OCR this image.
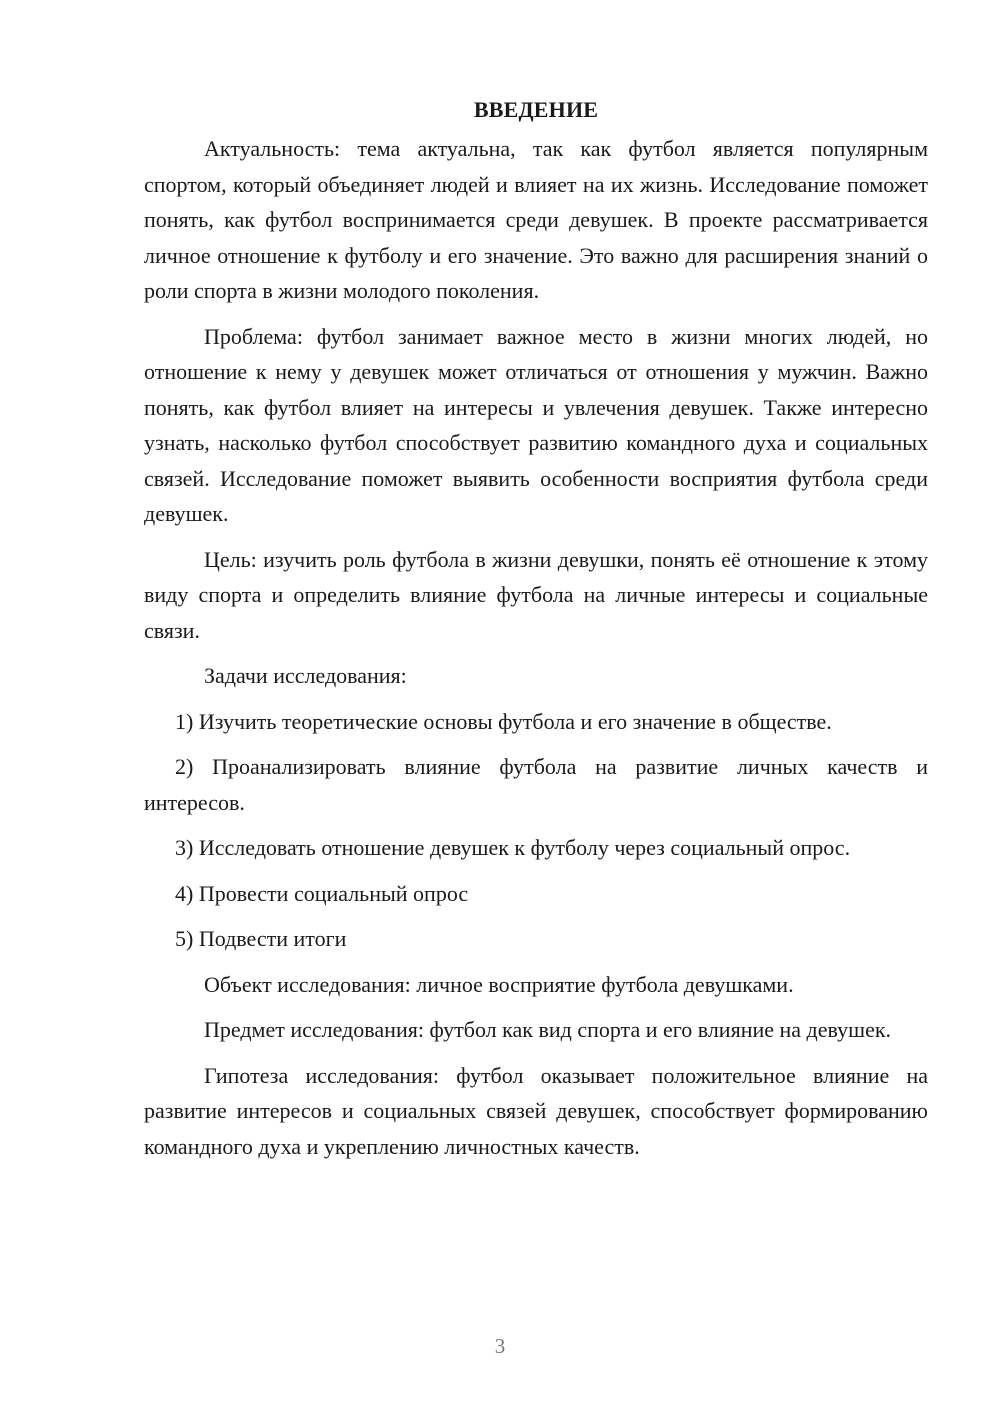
ВВЕДЕНИЕ

Актуальность: тема актуальна, так как футбол является популярным спортом, который объединяет людей и влияет на их жизнь. Исследование поможет понять, как футбол воспринимается среди девушек. В проекте рассматривается личное отношение к футболу и его значение. Это важно для расширения знаний о роли спорта в жизни молодого поколения.

Проблема: футбол занимает важное место в жизни многих людей, но отношение к нему у девушек может отличаться от отношения у мужчин. Важно понять, как футбол влияет на интересы и увлечения девушек. Также интересно узнать, насколько футбол способствует развитию командного духа и социальных связей. Исследование поможет выявить особенности восприятия футбола среди девушек.

Цель: изучить роль футбола в жизни девушки, понять её отношение к этому виду спорта и определить влияние футбола на личные интересы и социальные связи.

Задачи исследования:

1) Изучить теоретические основы футбола и его значение в обществе.

2) Проанализировать влияние футбола на развитие личных качеств и интересов.

3) Исследовать отношение девушек к футболу через социальный опрос.

4) Провести социальный опрос

5) Подвести итоги

Объект исследования: личное восприятие футбола девушками.

Предмет исследования: футбол как вид спорта и его влияние на девушек.

Гипотеза исследования: футбол оказывает положительное влияние на развитие интересов и социальных связей девушек, способствует формированию командного духа и укреплению личностных качеств.

3
